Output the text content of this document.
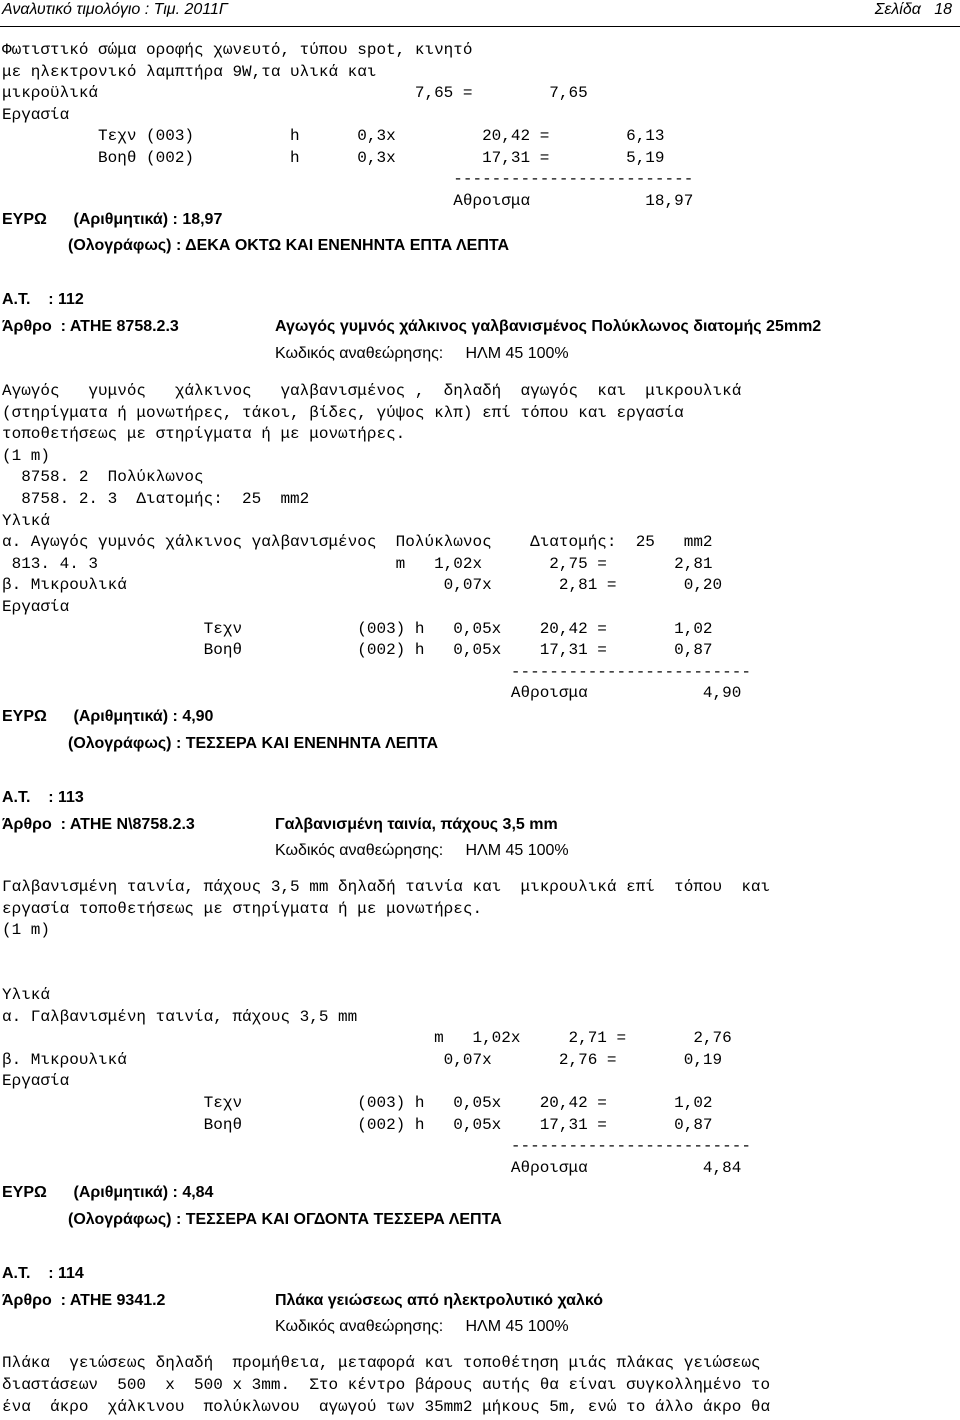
Αναλυτικό τιμολόγιο : Τιμ. 2011Γ	Σελίδα   18
Φωτιστικό σώμα οροφής χωνευτό, τύπου spot, κινητό
με ηλεκτρονικό λαμπτήρα 9W,τα υλικά και
μικροϋλικά                                 7,65 =        7,65
Εργασία
Τεχν (003)          h      0,3x         20,42 =        6,13
Βοηθ (002)          h      0,3x         17,31 =        5,19
-------------------------
Αθροισμα            18,97
ΕΥΡΩ      (Αριθμητικά) : 18,97
(Ολογράφως) : ΔΕΚΑ ΟΚΤΩ ΚΑΙ ΕΝΕΝΗΝΤΑ ΕΠΤΑ ΛΕΠΤΑ
Α.Τ.    : 112
Άρθρο  : ΑΤΗΕ 8758.2.3	Αγωγός γυμνός χάλκινος γαλβανισμένος Πολύκλωνος διατομής 25mm2
Κωδικός αναθεώρησης:     ΗΛΜ 45 100%
Αγωγός   γυμνός   χάλκινος   γαλβανισμένος ,  δηλαδή  αγωγός  και  μικρουλικά
(στηρίγματα ή μονωτήρες, τάκοι, βίδες, γύψος κλπ) επί τόπου και εργασία
τοποθετήσεως με στηρίγματα ή με μονωτήρες.
(1 m)
8758. 2  Πολύκλωνος
8758. 2. 3  Διατομής:  25  mm2
Υλικά
α. Αγωγός γυμνός χάλκινος γαλβανισμένος  Πολύκλωνος    Διατομής:  25   mm2
813. 4. 3                               m   1,02x       2,75 =       2,81
β. Μικρουλικά                                 0,07x       2,81 =       0,20
Εργασία
Τεχν            (003) h   0,05x    20,42 =       1,02
Βοηθ            (002) h   0,05x    17,31 =       0,87
-------------------------
Αθροισμα            4,90
ΕΥΡΩ      (Αριθμητικά) : 4,90
(Ολογράφως) : ΤΕΣΣΕΡΑ ΚΑΙ ΕΝΕΝΗΝΤΑ ΛΕΠΤΑ
Α.Τ.    : 113
Άρθρο  : ΑΤΗΕ Ν\8758.2.3	Γαλβανισμένη ταινία, πάχους 3,5 mm
Κωδικός αναθεώρησης:     ΗΛΜ 45 100%
Γαλβανισμένη ταινία, πάχους 3,5 mm δηλαδή ταινία και  μικρουλικά επί  τόπου  και
εργασία τοποθετήσεως με στηρίγματα ή με μονωτήρες.
(1 m)
Υλικά
α. Γαλβανισμένη ταινία, πάχους 3,5 mm
m   1,02x     2,71 =       2,76
β. Μικρουλικά                                 0,07x       2,76 =       0,19
Εργασία
Τεχν            (003) h   0,05x    20,42 =       1,02
Βοηθ            (002) h   0,05x    17,31 =       0,87
-------------------------
Αθροισμα            4,84
ΕΥΡΩ      (Αριθμητικά) : 4,84
(Ολογράφως) : ΤΕΣΣΕΡΑ ΚΑΙ ΟΓΔΟΝΤΑ ΤΕΣΣΕΡΑ ΛΕΠΤΑ
Α.Τ.    : 114
Άρθρο  : ΑΤΗΕ 9341.2	Πλάκα γειώσεως από ηλεκτρολυτικό χαλκό
Κωδικός αναθεώρησης:     ΗΛΜ 45 100%
Πλάκα  γειώσεως δηλαδή  προμήθεια, μεταφορά και τοποθέτηση μιάς πλάκας γειώσεως
διαστάσεων  500  x  500 x 3mm.  Στο κέντρο βάρους αυτής θα είναι συγκολλημένο το
ένα  άκρο  χάλκινου  πολύκλωνου  αγωγού των 35mm2 μήκους 5m, ενώ το άλλο άκρο θα
